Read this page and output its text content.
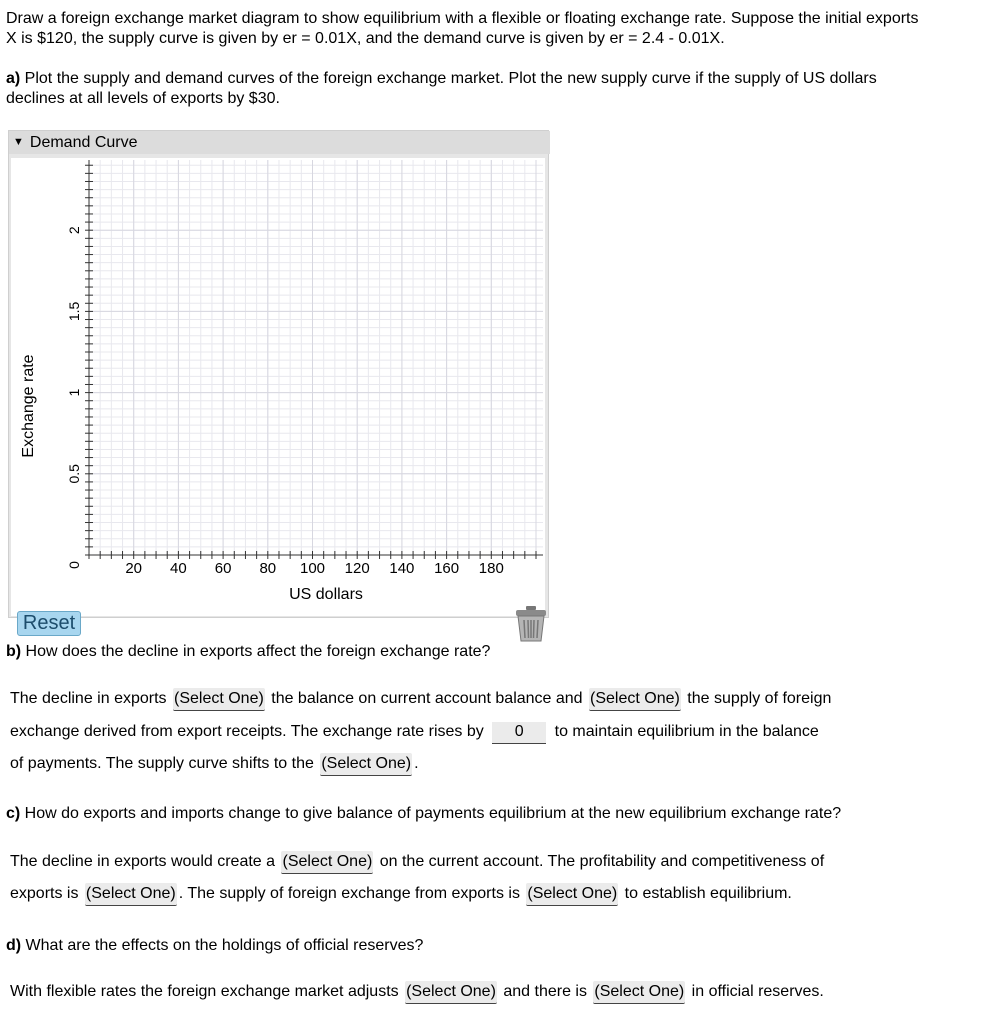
Draw a foreign exchange market diagram to show equilibrium with a flexible or floating exchange rate. Suppose the initial exports
X is $120, the supply curve is given by er = 0.01X, and the demand curve is given by er = 2.4 - 0.01X.
a) Plot the supply and demand curves of the foreign exchange market. Plot the new supply curve if the supply of US dollars
declines at all levels of exports by $30.
▼ Demand Curve
2
1.5
1
0.5
0	20 40 60 80 100 120 140 160 180
Exchange rate
US dollars
Reset
b) How does the decline in exports affect the foreign exchange rate?
The decline in exports (Select One) the balance on current account balance and (Select One) the supply of foreign
exchange derived from export receipts. The exchange rate rises by 0	to maintain equilibrium in the balance
of payments. The supply curve shifts to the (Select One) .
c) How do exports and imports change to give balance of payments equilibrium at the new equilibrium exchange rate?
The decline in exports would create a (Select One) on the current account. The profitability and competitiveness of
exports is (Select One) . The supply of foreign exchange from exports is (Select One) to establish equilibrium.
d) What are the effects on the holdings of official reserves?
With flexible rates the foreign exchange market adjusts (Select One) and there is (Select One) in official reserves.
